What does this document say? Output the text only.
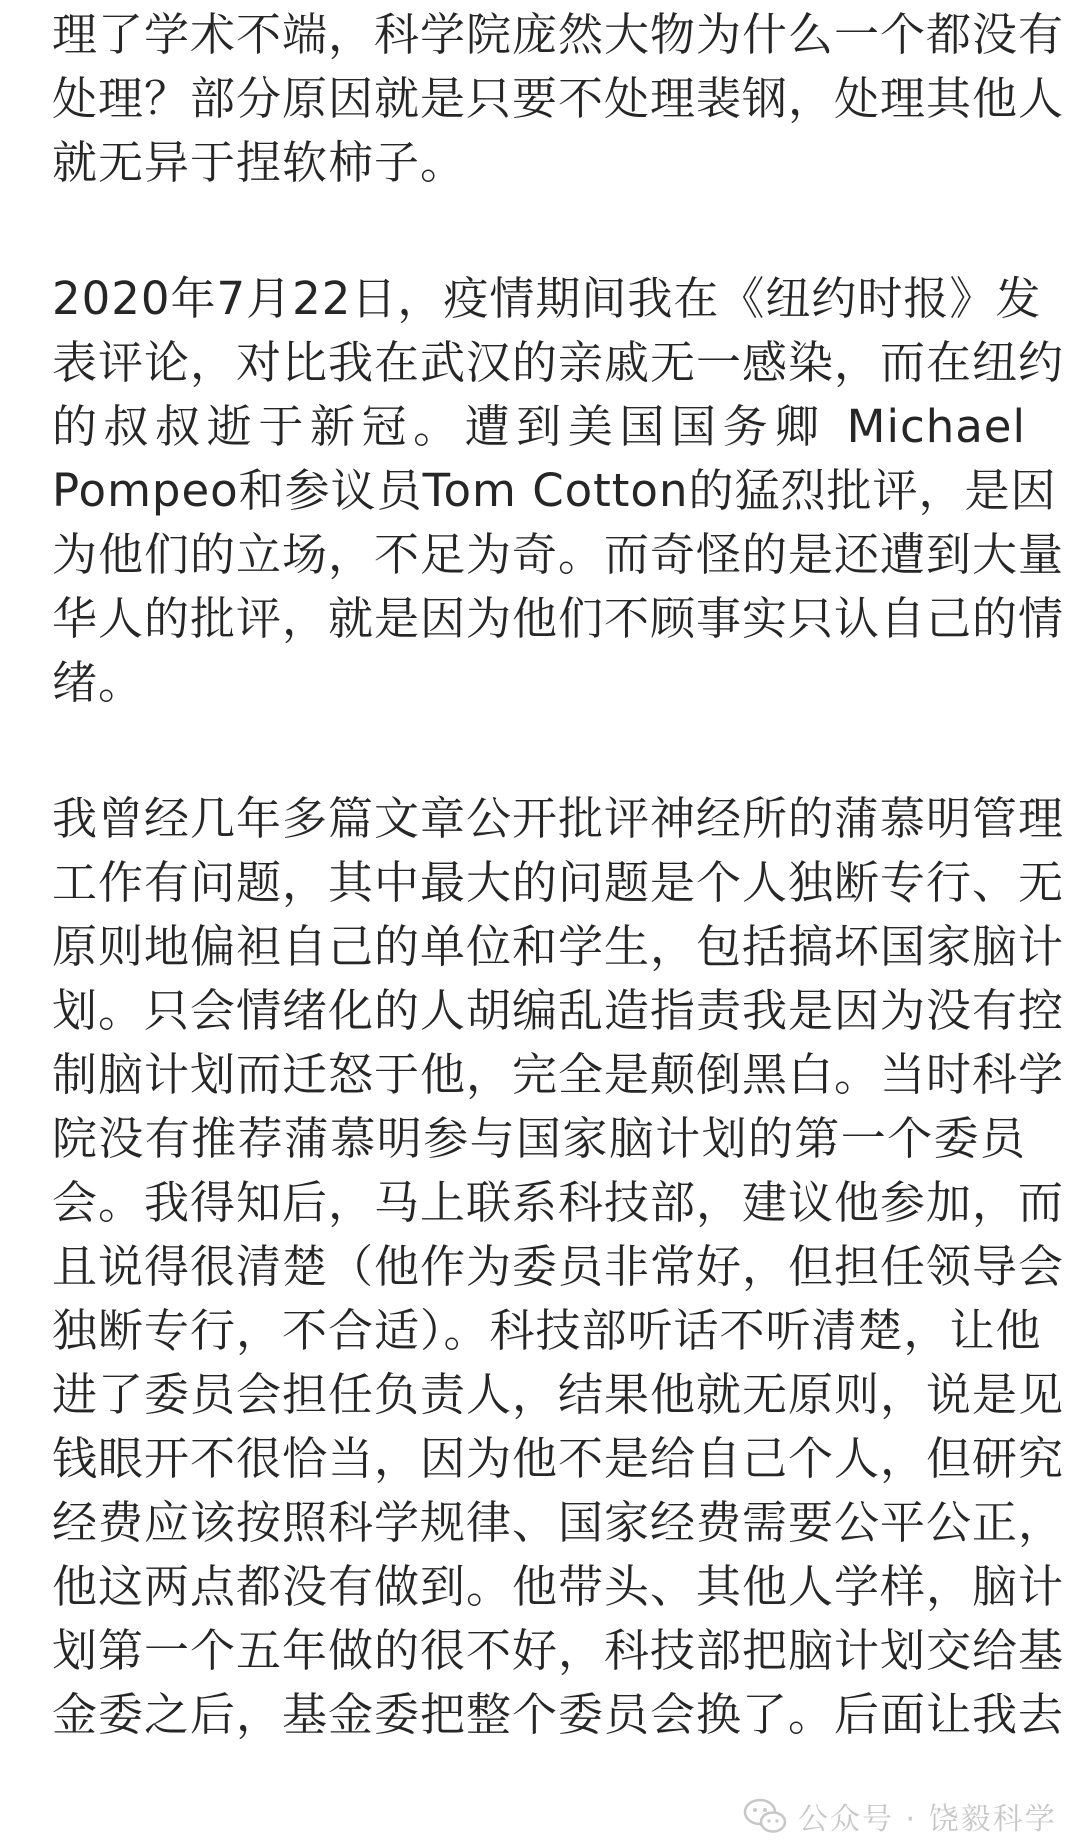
理了学术不端，科学院庞然大物为什么一个都没有
处理？部分原因就是只要不处理裴钢，处理其他人
就无异于捏软柿子。
2020年7月22日，疫情期间我在《纽约时报》发
表评论，对比我在武汉的亲戚无一感染，而在纽约
的叔叔逝于新冠。遭到美国国务卿 Michael
Pompeo和参议员Tom Cotton的猛烈批评，是因
为他们的立场，不足为奇。而奇怪的是还遭到大量
华人的批评，就是因为他们不顾事实只认自己的情
绪。
我曾经几年多篇文章公开批评神经所的蒲慕明管理
工作有问题，其中最大的问题是个人独断专行、无
原则地偏袒自己的单位和学生，包括搞坏国家脑计
划。只会情绪化的人胡编乱造指责我是因为没有控
制脑计划而迁怒于他，完全是颠倒黑白。当时科学
院没有推荐蒲慕明参与国家脑计划的第一个委员
会。我得知后，马上联系科技部，建议他参加，而
且说得很清楚（他作为委员非常好，但担任领导会
独断专行，不合适）。科技部听话不听清楚，让他
进了委员会担任负责人，结果他就无原则，说是见
钱眼开不很恰当，因为他不是给自己个人，但研究
经费应该按照科学规律、国家经费需要公平公正，
他这两点都没有做到。他带头、其他人学样，脑计
划第一个五年做的很不好，科技部把脑计划交给基
金委之后，基金委把整个委员会换了。后面让我去
公众号 · 饶毅科学
